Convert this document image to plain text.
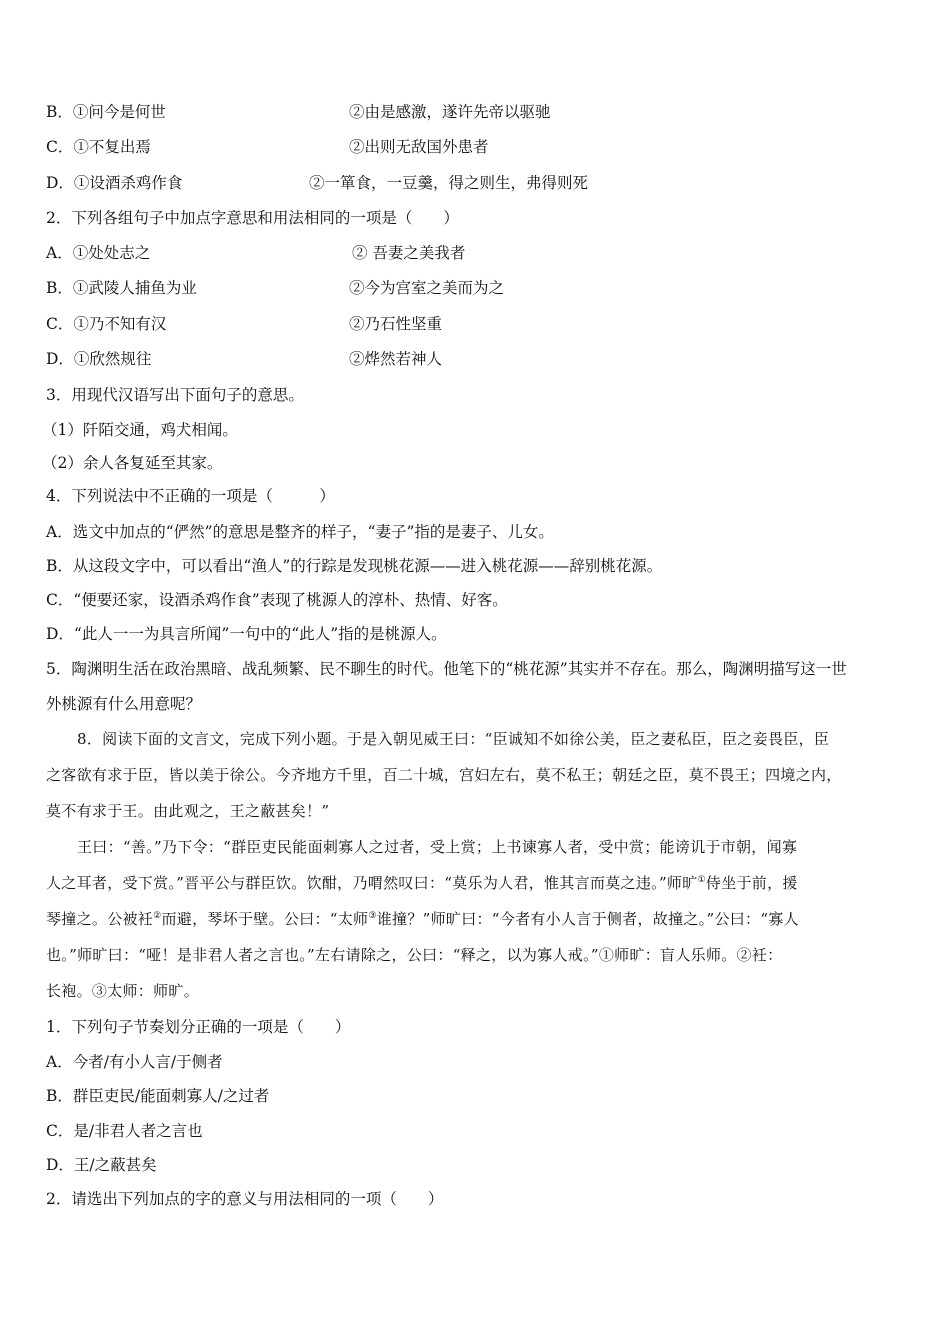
B．①问今是何世	②由是感激，遂许先帝以驱驰
C．①不复出焉	②出则无敌国外患者
D．①设酒杀鸡作食	②一箪食，一豆羹，得之则生，弗得则死
2．下列各组句子中加点字意思和用法相同的一项是（　　）
A．①处处志之	② 吾妻之美我者
B．①武陵人捕鱼为业	②今为宫室之美而为之
C．①乃不知有汉	②乃石性坚重
D．①欣然规往	②烨然若神人
3．用现代汉语写出下面句子的意思。
（1）阡陌交通，鸡犬相闻。
（2）余人各复延至其家。
4．下列说法中不正确的一项是（　　　）
A．选文中加点的“俨然”的意思是整齐的样子，“妻子”指的是妻子、儿女。
B．从这段文字中，可以看出“渔人”的行踪是发现桃花源——进入桃花源——辞别桃花源。
C．“便要还家，设酒杀鸡作食”表现了桃源人的淳朴、热情、好客。
D．“此人一一为具言所闻”一句中的“此人”指的是桃源人。
5．陶渊明生活在政治黑暗、战乱频繁、民不聊生的时代。他笔下的“桃花源”其实并不存在。那么，陶渊明描写这一世
外桃源有什么用意呢？
8．阅读下面的文言文，完成下列小题。于是入朝见威王曰：“臣诚知不如徐公美，臣之妻私臣，臣之妾畏臣，臣
之客欲有求于臣，皆以美于徐公。今齐地方千里，百二十城，宫妇左右，莫不私王；朝廷之臣，莫不畏王；四境之内，
莫不有求于王。由此观之，王之蔽甚矣！”
王曰：“善。”乃下令：“群臣吏民能面刺寡人之过者，受上赏；上书谏寡人者，受中赏；能谤讥于市朝，闻寡
人之耳者，受下赏。”晋平公与群臣饮。饮酣，乃喟然叹曰：“莫乐为人君，惟其言而莫之违。”师旷①侍坐于前，援
琴撞之。公被衽②而避，琴坏于壁。公曰：“太师③谁撞？”师旷曰：“今者有小人言于侧者，故撞之。”公曰：“寡人
也。”师旷曰：“哑！是非君人者之言也。”左右请除之，公曰：“释之，以为寡人戒。”①师旷：盲人乐师。②衽：
长袍。③太师：师旷。
1．下列句子节奏划分正确的一项是（　　）
A．今者/有小人言/于侧者
B．群臣吏民/能面刺寡人/之过者
C．是/非君人者之言也
D．王/之蔽甚矣
2．请选出下列加点的字的意义与用法相同的一项（　　）
